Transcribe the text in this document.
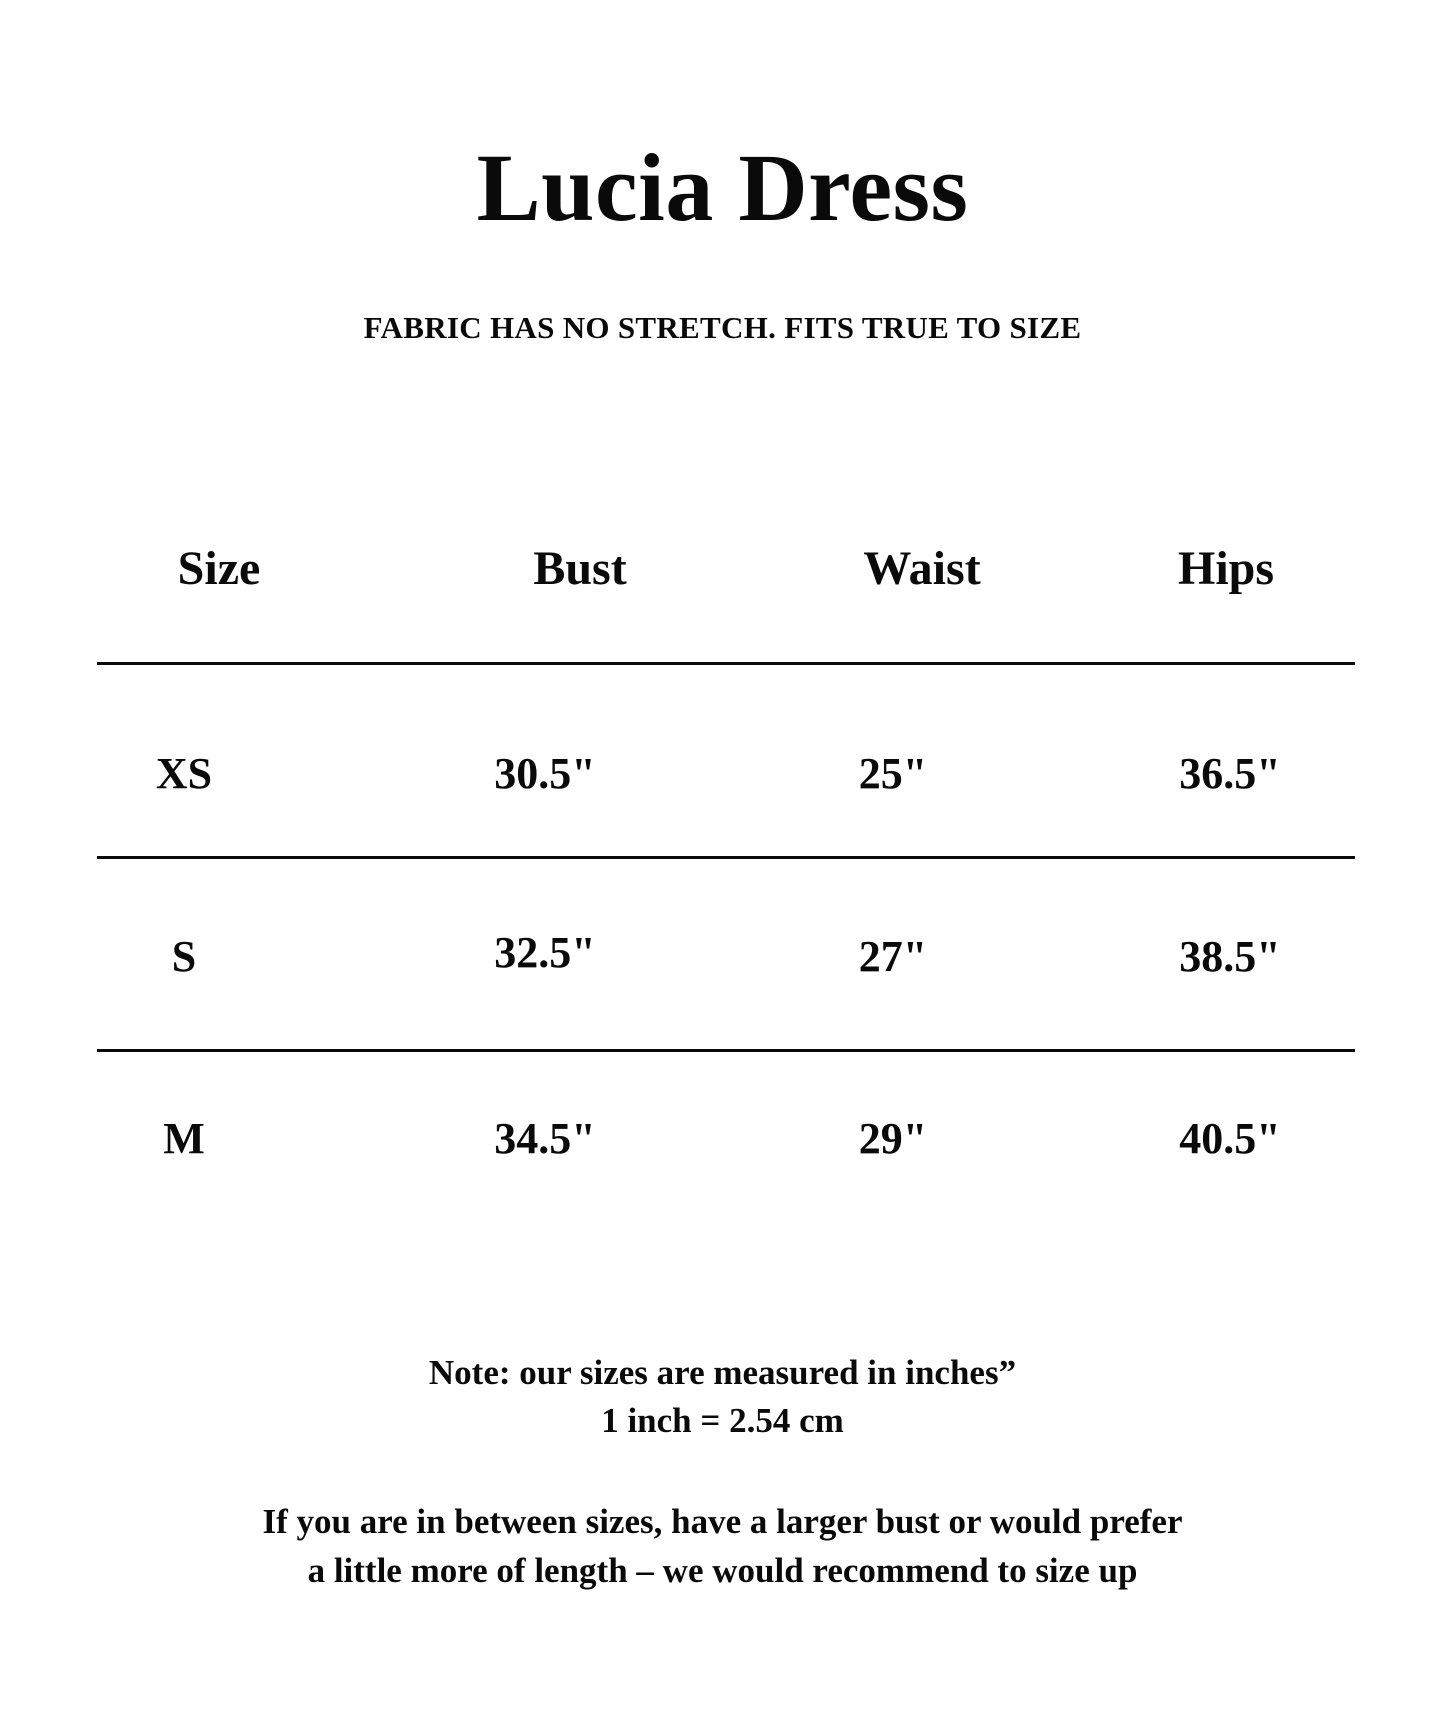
Lucia Dress
FABRIC HAS NO STRETCH. FITS TRUE TO SIZE
Size	Bust	Waist	Hips
XS	30.5"	25"	36.5"
S	32.5"	27"	38.5"
M	34.5"	29"	40.5"
Note: our sizes are measured in inches”
1 inch = 2.54 cm
If you are in between sizes, have a larger bust or would prefer
a little more of length – we would recommend to size up
